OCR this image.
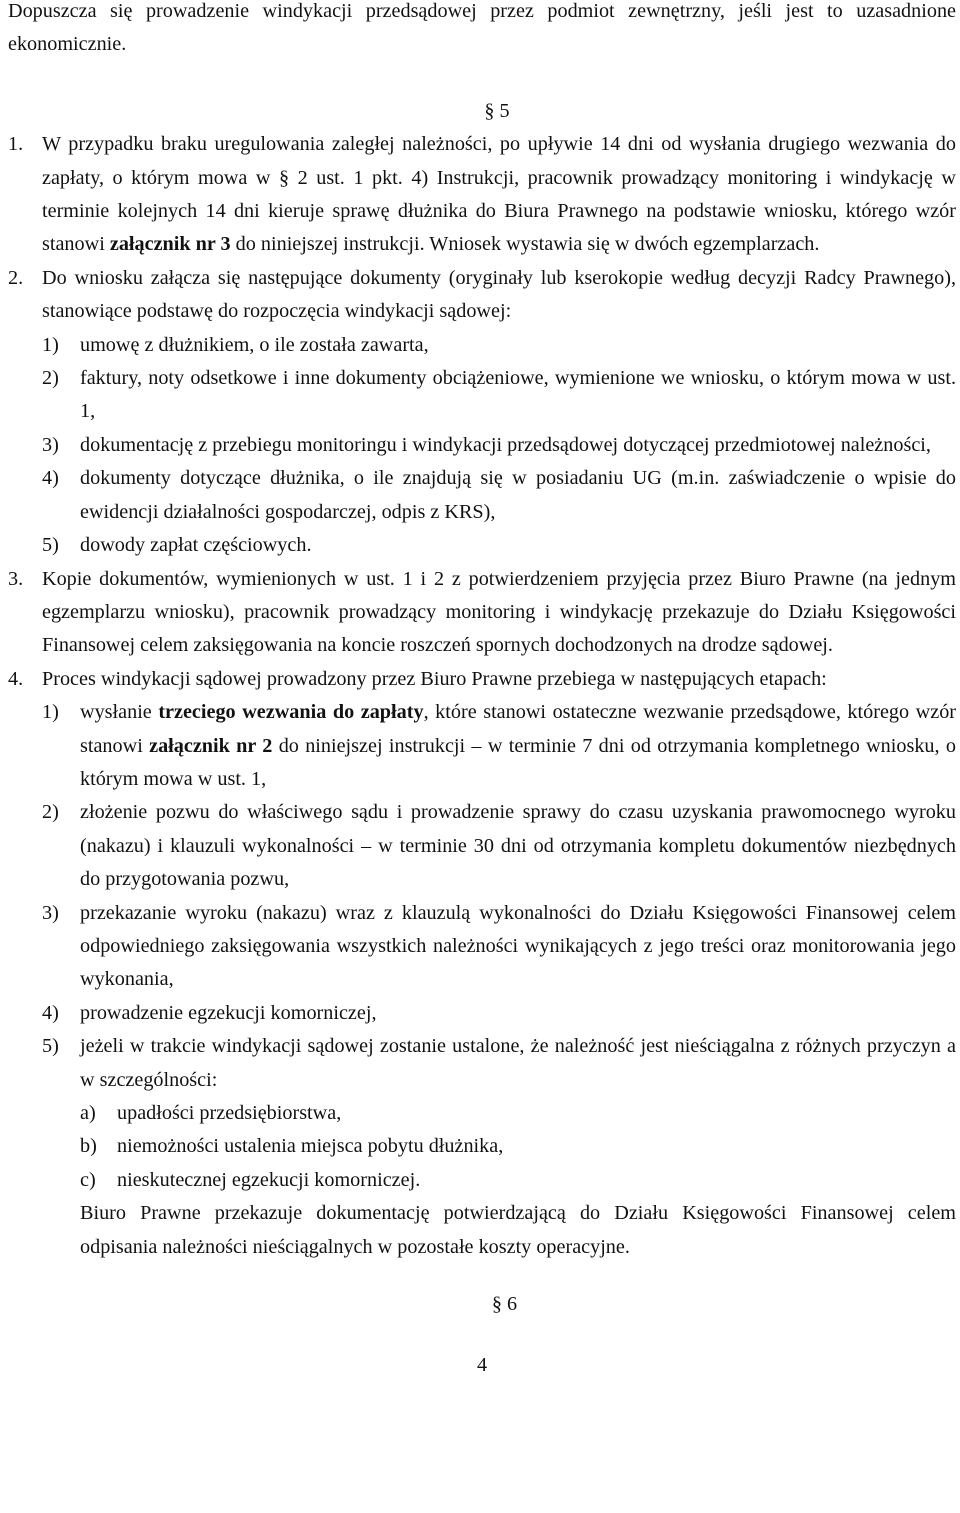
Dopuszcza się prowadzenie windykacji przedsądowej przez podmiot zewnętrzny, jeśli jest to uzasadnione ekonomicznie.

§ 5

1. W przypadku braku uregulowania zaległej należności, po upływie 14 dni od wysłania drugiego wezwania do zapłaty, o którym mowa w § 2 ust. 1 pkt. 4) Instrukcji, pracownik prowadzący monitoring i windykację w terminie kolejnych 14 dni kieruje sprawę dłużnika do Biura Prawnego na podstawie wniosku, którego wzór stanowi załącznik nr 3 do niniejszej instrukcji. Wniosek wystawia się w dwóch egzemplarzach.
2. Do wniosku załącza się następujące dokumenty (oryginały lub kserokopie według decyzji Radcy Prawnego), stanowiące podstawę do rozpoczęcia windykacji sądowej:

1)	umowę z dłużnikiem, o ile została zawarta,
2)	faktury, noty odsetkowe i inne dokumenty obciążeniowe, wymienione we wniosku, o którym mowa w ust. 1,
3)	dokumentację z przebiegu monitoringu i windykacji przedsądowej dotyczącej przedmiotowej należności,
4)	dokumenty dotyczące dłużnika, o ile znajdują się w posiadaniu UG (m.in. zaświadczenie o wpisie do ewidencji działalności gospodarczej, odpis z KRS),
5)	dowody zapłat częściowych.
3. Kopie dokumentów, wymienionych w ust. 1 i 2 z potwierdzeniem przyjęcia przez Biuro Prawne (na jednym egzemplarzu wniosku), pracownik prowadzący monitoring i windykację przekazuje do Działu Księgowości Finansowej celem zaksięgowania na koncie roszczeń spornych dochodzonych na drodze sądowej.
4. Proces windykacji sądowej prowadzony przez Biuro Prawne przebiega w następujących etapach:

1)	wysłanie trzeciego wezwania do zapłaty, które stanowi ostateczne wezwanie przedsądowe, którego wzór stanowi załącznik nr 2 do niniejszej instrukcji – w terminie 7 dni od otrzymania kompletnego wniosku, o którym mowa w ust. 1,
2)	złożenie pozwu do właściwego sądu i prowadzenie sprawy do czasu uzyskania prawomocnego wyroku (nakazu) i klauzuli wykonalności – w terminie 30 dni od otrzymania kompletu dokumentów niezbędnych do przygotowania pozwu,
3)	przekazanie wyroku (nakazu) wraz z klauzulą wykonalności do Działu Księgowości Finansowej celem odpowiedniego zaksięgowania wszystkich należności wynikających z jego treści oraz monitorowania jego wykonania,
4)	prowadzenie egzekucji komorniczej,
5)	jeżeli w trakcie windykacji sądowej zostanie ustalone, że należność jest nieściągalna z różnych przyczyn a w szczególności:

a)	upadłości przedsiębiorstwa,
b) niemożności ustalenia miejsca pobytu dłużnika,
c)	nieskutecznej egzekucji komorniczej.

Biuro Prawne przekazuje dokumentację potwierdzającą do Działu Księgowości Finansowej celem odpisania należności nieściągalnych w pozostałe koszty operacyjne.

§ 6

4
